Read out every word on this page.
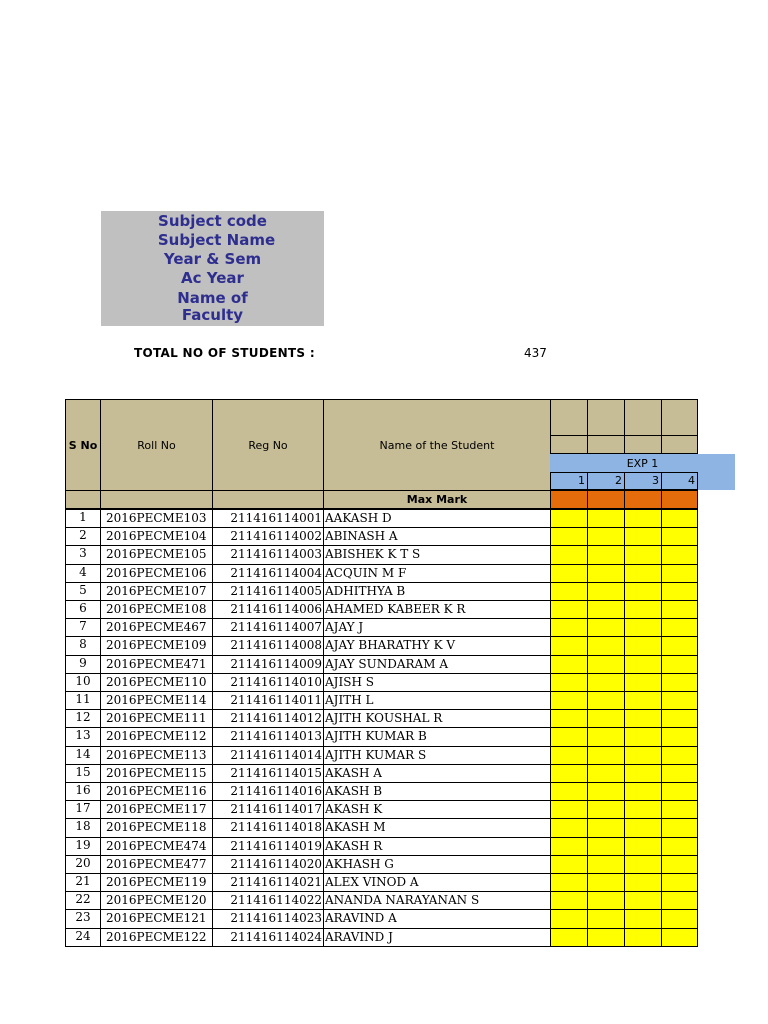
Subject code
Subject Name
Year & Sem
Ac Year
Name of Faculty
TOTAL NO OF STUDENTS :	437
S No	Roll No	Reg No	Name of the Student
EXP 1
1	2	3	4
Max Mark
1	2016PECME103	211416114001 AAKASH D
2	2016PECME104	211416114002 ABINASH A
3	2016PECME105	211416114003 ABISHEK K T S
4	2016PECME106	211416114004 ACQUIN M F
5	2016PECME107	211416114005 ADHITHYA B
6	2016PECME108	211416114006 AHAMED KABEER K R
7	2016PECME467	211416114007 AJAY J
8	2016PECME109	211416114008 AJAY BHARATHY K V
9	2016PECME471	211416114009 AJAY SUNDARAM A
10	2016PECME110	211416114010 AJISH S
11	2016PECME114	211416114011 AJITH L
12	2016PECME111	211416114012 AJITH KOUSHAL R
13	2016PECME112	211416114013 AJITH KUMAR B
14	2016PECME113	211416114014 AJITH KUMAR S
15	2016PECME115	211416114015 AKASH A
16	2016PECME116	211416114016 AKASH B
17	2016PECME117	211416114017 AKASH K
18	2016PECME118	211416114018 AKASH M
19	2016PECME474	211416114019 AKASH R
20	2016PECME477	211416114020 AKHASH G
21	2016PECME119	211416114021 ALEX VINOD A
22	2016PECME120	211416114022 ANANDA NARAYANAN S
23	2016PECME121	211416114023 ARAVIND A
24	2016PECME122	211416114024 ARAVIND J
